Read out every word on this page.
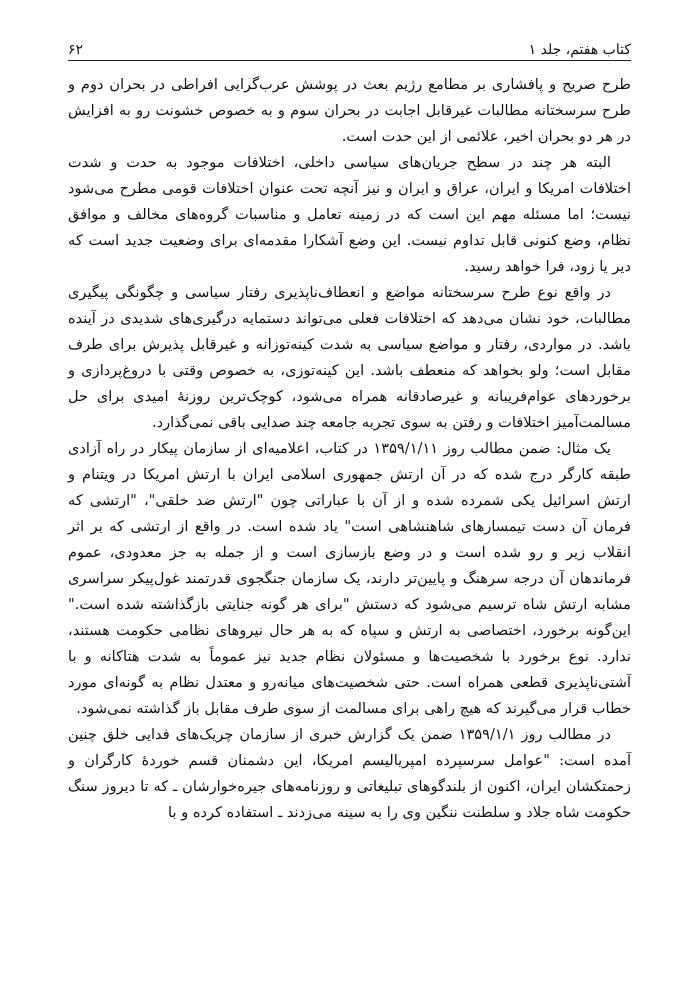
کتاب هفتم، جلد ۱
۶۲

طرح صریح و پافشاری بر مطامع رژیم بعث در پوشش عرب‌گرایی افراطی در بحران دوم و طرح سرسختانه مطالبات غیرقابل اجابت در بحران سوم و به خصوص خشونت رو به افزایش در هر دو بحران اخیر، علائمی از این حدت است.

البته هر چند در سطح جریان‌های سیاسی داخلی، اختلافات موجود به حدت و شدت اختلافات امریکا و ایران، عراق و ایران و نیز آنچه تحت عنوان اختلافات قومی مطرح می‌شود نیست؛ اما مسئله مهم این است که در زمینه تعامل و مناسبات گروه‌های مخالف و موافق نظام، وضع کنونی قابل تداوم نیست. این وضع آشکارا مقدمه‌ای برای وضعیت جدید است که دیر یا زود، فرا خواهد رسید.

در واقع نوع طرح سرسختانه مواضع و انعطاف‌ناپذیری رفتار سیاسی و چگونگی پیگیری مطالبات، خود نشان می‌دهد که اختلافات فعلی می‌تواند دستمایه درگیری‌های شدیدی در آینده باشد. در مواردی، رفتار و مواضع سیاسی به شدت کینه‌توزانه و غیرقابل پذیرش برای طرف مقابل است؛ ولو بخواهد که منعطف باشد. این کینه‌توزی، به خصوص وقتی با دروغ‌پردازی و برخوردهای عوام‌فریبانه و غیرصادقانه همراه می‌شود، کوچک‌ترین روزنهٔ امیدی برای حل مسالمت‌آمیز اختلافات و رفتن به سوی تجربه جامعه چند صدایی باقی نمی‌گذارد.

یک مثال: ضمن مطالب روز ۱۳۵۹/۱/۱۱ در کتاب، اعلامیه‌ای از سازمان پیکار در راه آزادی طبقه کارگر درج شده که در آن ارتش جمهوری اسلامی ایران با ارتش امریکا در ویتنام و ارتش اسرائیل یکی شمرده شده و از آن با عباراتی چون "ارتش ضد خلقی"، "ارتشی که فرمان آن دست تیمسارهای شاهنشاهی است" یاد شده است. در واقع از ارتشی که بر اثر انقلاب زیر و رو شده است و در وضع بازسازی است و از جمله به جز معدودی، عموم فرماندهان آن درجه سرهنگ و پایین‌تر دارند، یک سازمان جنگجوی قدرتمند غول‌پیکر سراسری مشابه ارتش شاه ترسیم می‌شود که دستش "برای هر گونه جنایتی بازگذاشته شده است." این‌گونه برخورد، اختصاصی به ارتش و سپاه که به هر حال نیروهای نظامی حکومت هستند، ندارد. نوع برخورد با شخصیت‌ها و مسئولان نظام جدید نیز عموماً به شدت هتاکانه و با آشتی‌ناپذیری قطعی همراه است. حتی شخصیت‌های میانه‌رو و معتدل نظام به گونه‌ای مورد خطاب قرار می‌گیرند که هیچ راهی برای مسالمت از سوی طرف مقابل باز گذاشته نمی‌شود.

در مطالب روز ۱۳۵۹/۱/۱ ضمن یک گزارش خبری از سازمان چریک‌های فدایی خلق چنین آمده است: "عوامل سرسپرده امپریالیسم امریکا، این دشمنان قسم خوردهٔ کارگران و زحمتکشان ایران، اکنون از بلندگوهای تبلیغاتی و روزنامه‌های جیره‌خوارشان ـ که تا دیروز سنگ حکومت شاه جلاد و سلطنت ننگین وی را به سینه می‌زدند ـ استفاده کرده و با
